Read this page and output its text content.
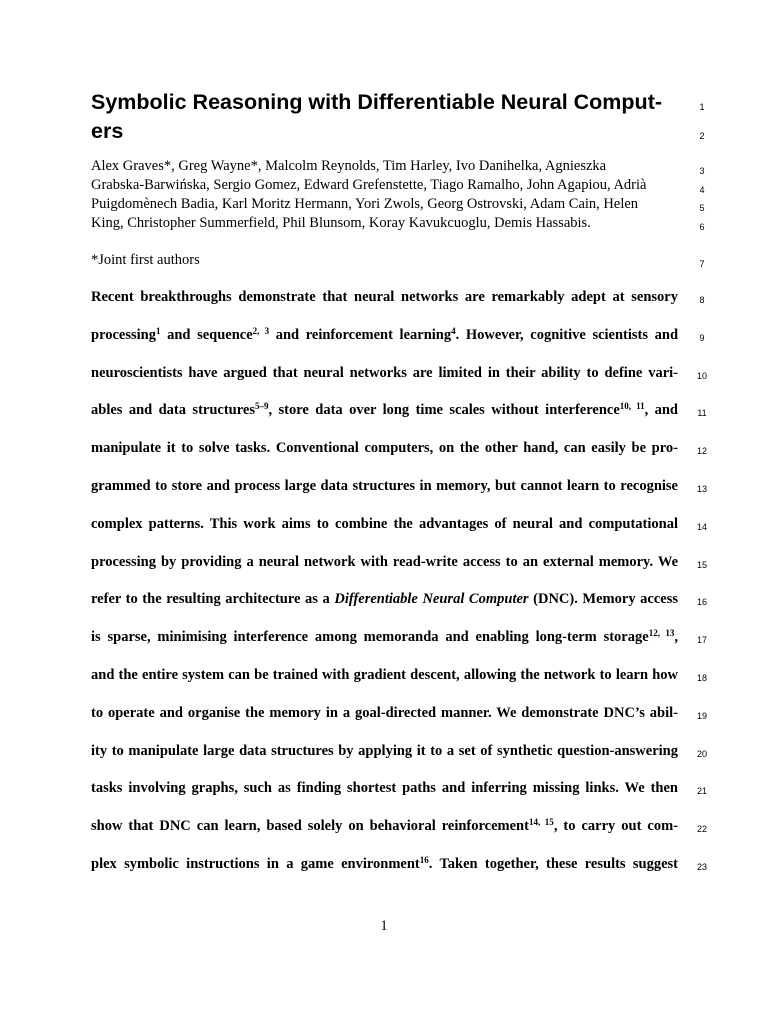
Symbolic Reasoning with Differentiable Neural Comput-
ers
Alex Graves*, Greg Wayne*, Malcolm Reynolds, Tim Harley, Ivo Danihelka, Agnieszka
Grabska-Barwińska, Sergio Gomez, Edward Grefenstette, Tiago Ramalho, John Agapiou, Adrià
Puigdomènech Badia, Karl Moritz Hermann, Yori Zwols, Georg Ostrovski, Adam Cain, Helen
King, Christopher Summerfield, Phil Blunsom, Koray Kavukcuoglu, Demis Hassabis.
*Joint first authors
Recent breakthroughs demonstrate that neural networks are remarkably adept at sensory
processing$^1$ and sequence$^{2, 3}$ and reinforcement learning$^4$. However, cognitive scientists and
neuroscientists have argued that neural networks are limited in their ability to define vari-
ables and data structures$^{5-9}$, store data over long time scales without interference$^{10, 11}$, and
manipulate it to solve tasks. Conventional computers, on the other hand, can easily be pro-
grammed to store and process large data structures in memory, but cannot learn to recognise
complex patterns. This work aims to combine the advantages of neural and computational
processing by providing a neural network with read-write access to an external memory. We
refer to the resulting architecture as a Differentiable Neural Computer (DNC). Memory access
is sparse, minimising interference among memoranda and enabling long-term storage$^{12, 13}$,
and the entire system can be trained with gradient descent, allowing the network to learn how
to operate and organise the memory in a goal-directed manner. We demonstrate DNC’s abil-
ity to manipulate large data structures by applying it to a set of synthetic question-answering
tasks involving graphs, such as finding shortest paths and inferring missing links. We then
show that DNC can learn, based solely on behavioral reinforcement$^{14, 15}$, to carry out com-
plex symbolic instructions in a game environment$^{16}$. Taken together, these results suggest
1
2
3
4
5
6
7
8
9
10
11
12
13
14
15
16
17
18
19
20
21
22
23
1
